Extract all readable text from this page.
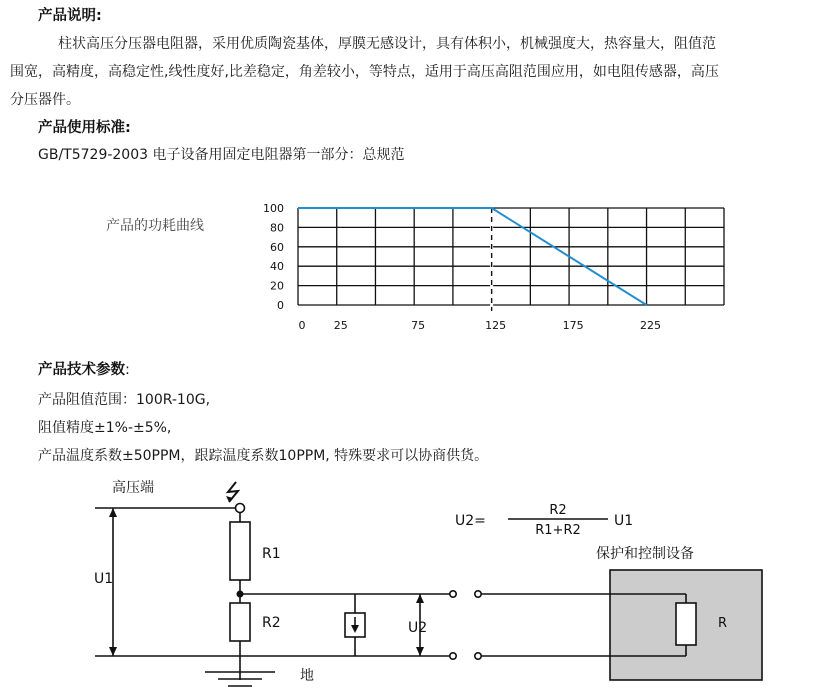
产品说明:
柱状高压分压器电阻器，采用优质陶瓷基体，厚膜无感设计，具有体积小，机械强度大，热容量大，阻值范
围宽，高精度，高稳定性,线性度好,比差稳定，角差较小，等特点，适用于高压高阻范围应用，如电阻传感器，高压
分压器件。
产品使用标准:
GB/T5729-2003 电子设备用固定电阻器第一部分：总规范
产品的功耗曲线
0
20
40
60
80
100
0	25	75	125	175	225
产品技术参数:
产品阻值范围：100R-10G,
阻值精度±1%-±5%,
产品温度系数±50PPM，跟踪温度系数10PPM, 特殊要求可以协商供货。
高压端
U1
R1
R2	U2
地
R
保护和控制设备
U2=
R2
R1+R2
U1
